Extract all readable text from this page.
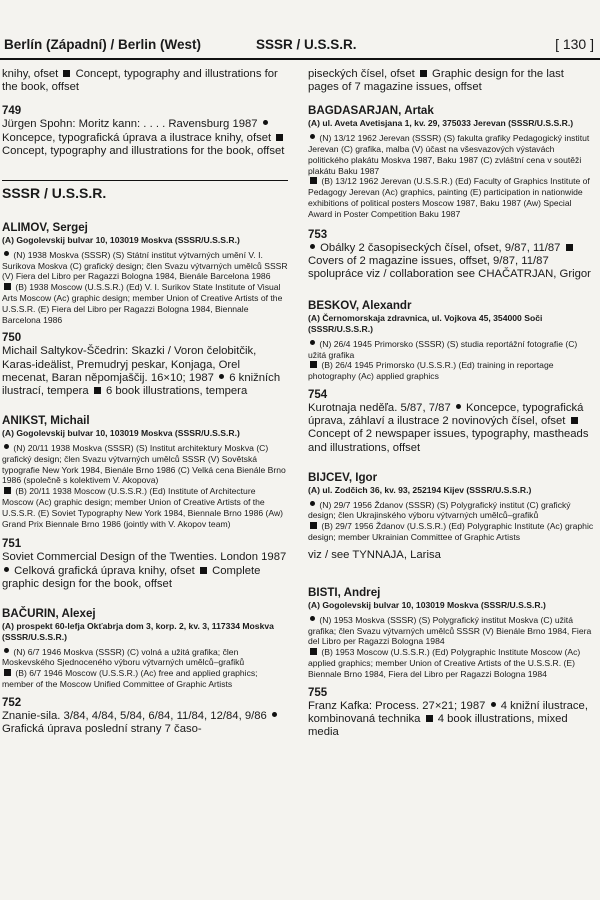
Berlín (Západní) / Berlin (West)	SSSR / U.S.S.R.	[ 130 ]

knihy, ofset Concept, typography and illustrations for the book, offset

749

Jürgen Spohn: Moritz kann: . . . . Ravensburg 1987  Koncepce, typografická úprava a ilustrace knihy, ofset  Concept, typography and illustrations for the book, offset

SSSR / U.S.S.R.

ALIMOV, Sergej

(A) Gogolevskij bulvar 10, 103019 Moskva (SSSR/U.S.S.R.)

(N) 1938 Moskva (SSSR) (S) Státní institut výtvarných umění V. I. Surikova Moskva (C) grafický design; člen Svazu výtvarných umělců SSSR (V) Fiera del Libro per Ragazzi Bologna 1984, Bienále Barcelona 1986

(B) 1938 Moscow (U.S.S.R.) (Ed) V. I. Surikov State Institute of Visual Arts Moscow (Ac) graphic design; member Union of Creative Artists of the U.S.S.R. (E) Fiera del Libro per Ragazzi Bologna 1984, Biennale Barcelona 1986

750

Michail Saltykov-Ščedrin: Skazki / Voron čelobitčik, Karas-ideälist, Premudryj peskar, Konjaga, Orel mecenat, Baran něpomjaščij. 16×10; 1987 6 knižních ilustrací, tempera 6 book illustrations, tempera

ANIKST, Michail

(A) Gogolevskij bulvar 10, 103019 Moskva (SSSR/U.S.S.R.)

(N) 20/11 1938 Moskva (SSSR) (S) Institut architektury Moskva (C) grafický design; člen Svazu výtvarných umělců SSSR (V) Sovětská typografie New York 1984, Bienále Brno 1986 (C) Velká cena Bienále Brno 1986 (společně s kolektivem V. Akopova)

(B) 20/11 1938 Moscow (U.S.S.R.) (Ed) Institute of Architecture Moscow (Ac) graphic design; member Union of Creative Artists of the U.S.S.R. (E) Soviet Typography New York 1984, Biennale Brno 1986 (Aw) Grand Prix Biennale Brno 1986 (jointly with V. Akopov team)

751

Soviet Commercial Design of the Twenties. London 1987  Celková grafická úprava knihy, ofset Complete graphic design for the book, offset

BAČURIN, Alexej

(A) prospekt 60-lefja Okťabrja dom 3, korp. 2, kv. 3, 117334 Moskva (SSSR/U.S.S.R.)

(N) 6/7 1946 Moskva (SSSR) (C) volná a užitá grafika; člen Moskevského Sjednoceného výboru výtvarných umělců–grafiků

(B) 6/7 1946 Moscow (U.S.S.R.) (Ac) free and applied graphics; member of the Moscow Unified Committee of Graphic Artists

752

Znanie-sila. 3/84, 4/84, 5/84, 6/84, 11/84, 12/84, 9/86  Grafická úprava poslední strany 7 časo-

piseckých čísel, ofset Graphic design for the last pages of 7 magazine issues, offset

BAGDASARJAN, Artak

(A) ul. Aveta Avetisjana 1, kv. 29, 375033 Jerevan (SSSR/U.S.S.R.)

(N) 13/12 1962 Jerevan (SSSR) (S) fakulta grafiky Pedagogický institut Jerevan (C) grafika, malba (V) účast na všesvazových výstavách politického plakátu Moskva 1987, Baku 1987 (C) zvláštní cena v soutěži plakátu Baku 1987

(B) 13/12 1962 Jerevan (U.S.S.R.) (Ed) Faculty of Graphics Institute of Pedagogy Jerevan (Ac) graphics, painting (E) participation in nationwide exhibitions of political posters Moscow 1987, Baku 1987 (Aw) Special Award in Poster Competition Baku 1987

753

Obálky 2 časopiseckých čísel, ofset, 9/87, 11/87  Covers of 2 magazine issues, offset, 9/87, 11/87

spolupráce viz / collaboration see CHAČATRJAN, Grigor

BESKOV, Alexandr

(A) Černomorskaja zdravnica, ul. Vojkova 45, 354000 Soči (SSSR/U.S.S.R.)

(N) 26/4 1945 Primorsko (SSSR) (S) studia reportážní fotografie (C) užitá grafika

(B) 26/4 1945 Primorsko (U.S.S.R.) (Ed) training in reportage photography (Ac) applied graphics

754

Kurotnaja neděľa. 5/87, 7/87 Koncepce, typografická úprava, záhlaví a ilustrace 2 novinových čísel, ofset  Concept of 2 newspaper issues, typography, mastheads and illustrations, offset

BIJCEV, Igor

(A) ul. Zodčich 36, kv. 93, 252194 Kijev (SSSR/U.S.S.R.)

(N) 29/7 1956 Ždanov (SSSR) (S) Polygrafický institut (C) grafický design; člen Ukrajinského výboru výtvarných umělců–grafiků

(B) 29/7 1956 Ždanov (U.S.S.R.) (Ed) Polygraphic Institute (Ac) graphic design; member Ukrainian Committee of Graphic Artists

viz / see TYNNAJA, Larisa

BISTI, Andrej

(A) Gogolevskij bulvar 10, 103019 Moskva (SSSR/U.S.S.R.)

(N) 1953 Moskva (SSSR) (S) Polygrafický institut Moskva (C) užitá grafika; člen Svazu výtvarných umělců SSSR (V) Bienále Brno 1984, Fiera del Libro per Ragazzi Bologna 1984

(B) 1953 Moscow (U.S.S.R.) (Ed) Polygraphic Institute Moscow (Ac) applied graphics; member Union of Creative Artists of the U.S.S.R. (E) Biennale Brno 1984, Fiera del Libro per Ragazzi Bologna 1984

755

Franz Kafka: Process. 27×21; 1987 4 knižní ilustrace, kombinovaná technika 4 book illustrations, mixed media
